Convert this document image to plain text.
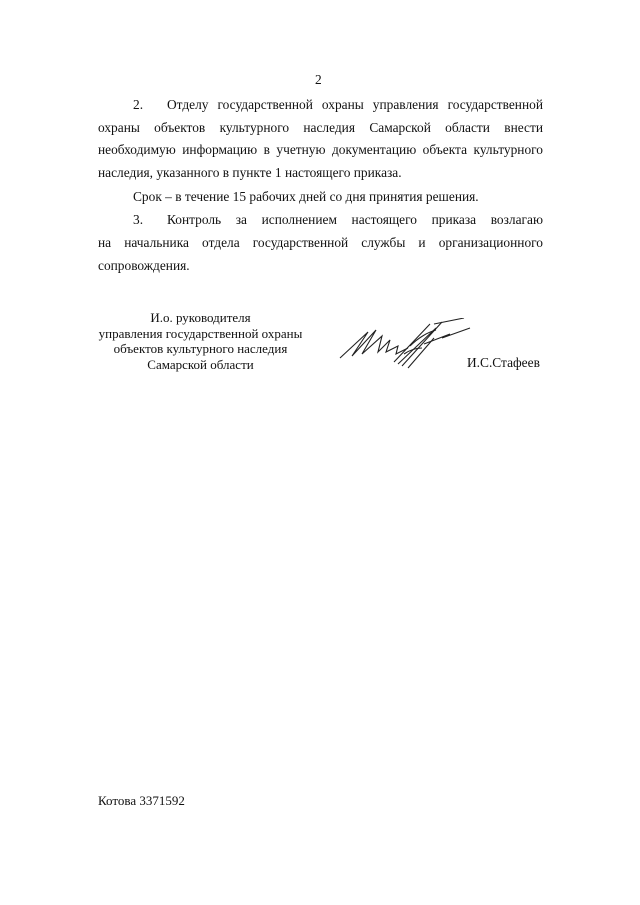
2
2. Отделу государственной охраны управления государственной
охраны объектов культурного наследия Самарской области внести
необходимую информацию в учетную документацию объекта культурного
наследия, указанного в пункте 1 настоящего приказа.
Срок – в течение 15 рабочих дней со дня принятия решения.
3. Контроль за исполнением настоящего приказа возлагаю
на начальника отдела государственной службы и организационного
сопровождения.
И.о. руководителя
управления государственной охраны
объектов культурного наследия
Самарской области	И.С.Стафеев
Котова 3371592
